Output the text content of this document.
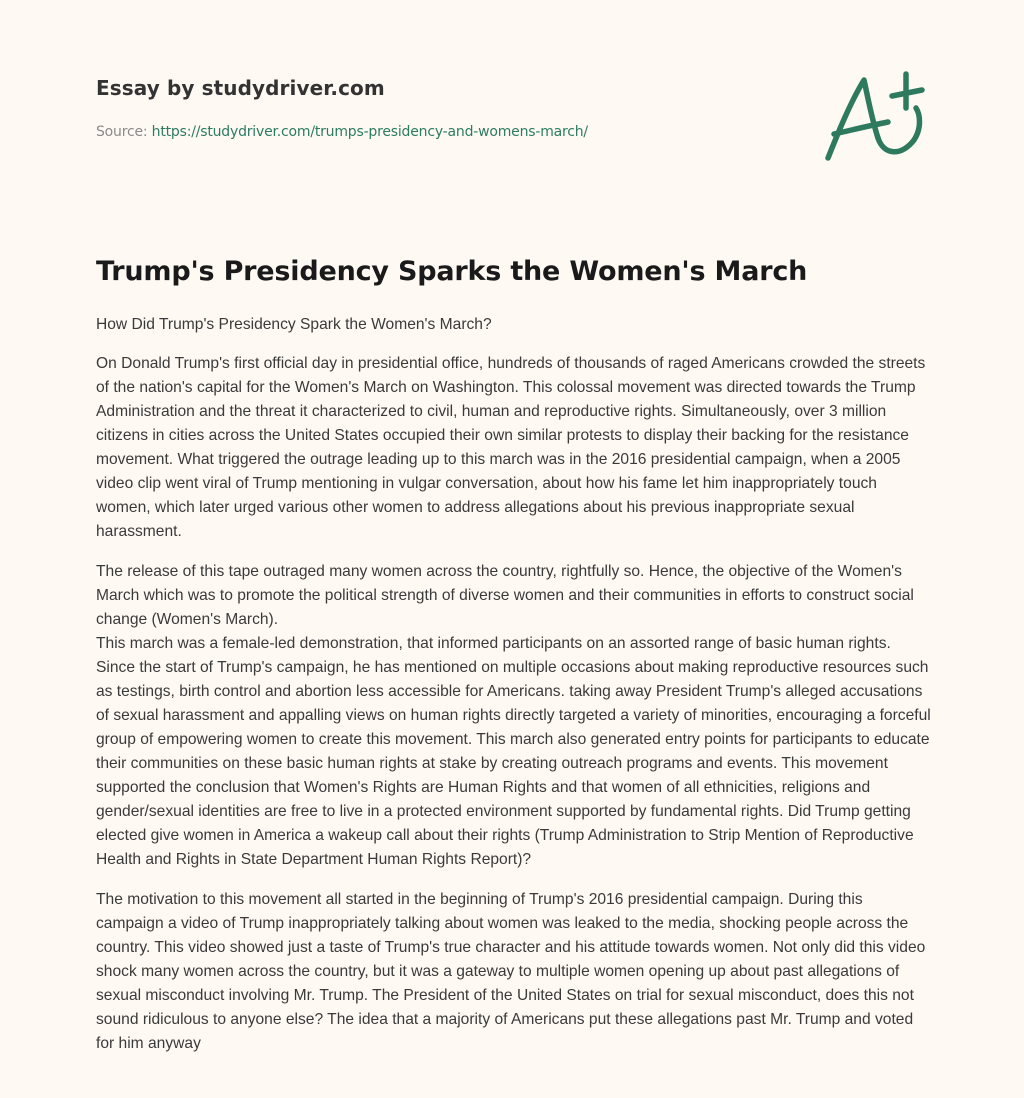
Essay by studydriver.com
Source: https://studydriver.com/trumps-presidency-and-womens-march/
Trump's Presidency Sparks the Women's March

How Did Trump's Presidency Spark the Women's March?

On Donald Trump's first official day in presidential office, hundreds of thousands of raged Americans crowded the streets of the nation's capital for the Women's March on Washington. This colossal movement was directed towards the Trump Administration and the threat it characterized to civil, human and reproductive rights. Simultaneously, over 3 million citizens in cities across the United States occupied their own similar protests to display their backing for the resistance movement. What triggered the outrage leading up to this march was in the 2016 presidential campaign, when a 2005 video clip went viral of Trump mentioning in vulgar conversation, about how his fame let him inappropriately touch women, which later urged various other women to address allegations about his previous inappropriate sexual harassment.

The release of this tape outraged many women across the country, rightfully so. Hence, the objective of the Women's March which was to promote the political strength of diverse women and their communities in efforts to construct social change (Women's March).

This march was a female-led demonstration, that informed participants on an assorted range of basic human rights. Since the start of Trump's campaign, he has mentioned on multiple occasions about making reproductive resources such as testings, birth control and abortion less accessible for Americans. taking away President Trump's alleged accusations of sexual harassment and appalling views on human rights directly targeted a variety of minorities, encouraging a forceful group of empowering women to create this movement. This march also generated entry points for participants to educate their communities on these basic human rights at stake by creating outreach programs and events. This movement supported the conclusion that Women's Rights are Human Rights and that women of all ethnicities, religions and gender/sexual identities are free to live in a protected environment supported by fundamental rights. Did Trump getting elected give women in America a wakeup call about their rights (Trump Administration to Strip Mention of Reproductive Health and Rights in State Department Human Rights Report)?

The motivation to this movement all started in the beginning of Trump's 2016 presidential campaign. During this campaign a video of Trump inappropriately talking about women was leaked to the media, shocking people across the country. This video showed just a taste of Trump's true character and his attitude towards women. Not only did this video shock many women across the country, but it was a gateway to multiple women opening up about past allegations of sexual misconduct involving Mr. Trump. The President of the United States on trial for sexual misconduct, does this not sound ridiculous to anyone else? The idea that a majority of Americans put these allegations past Mr. Trump and voted for him anyway
